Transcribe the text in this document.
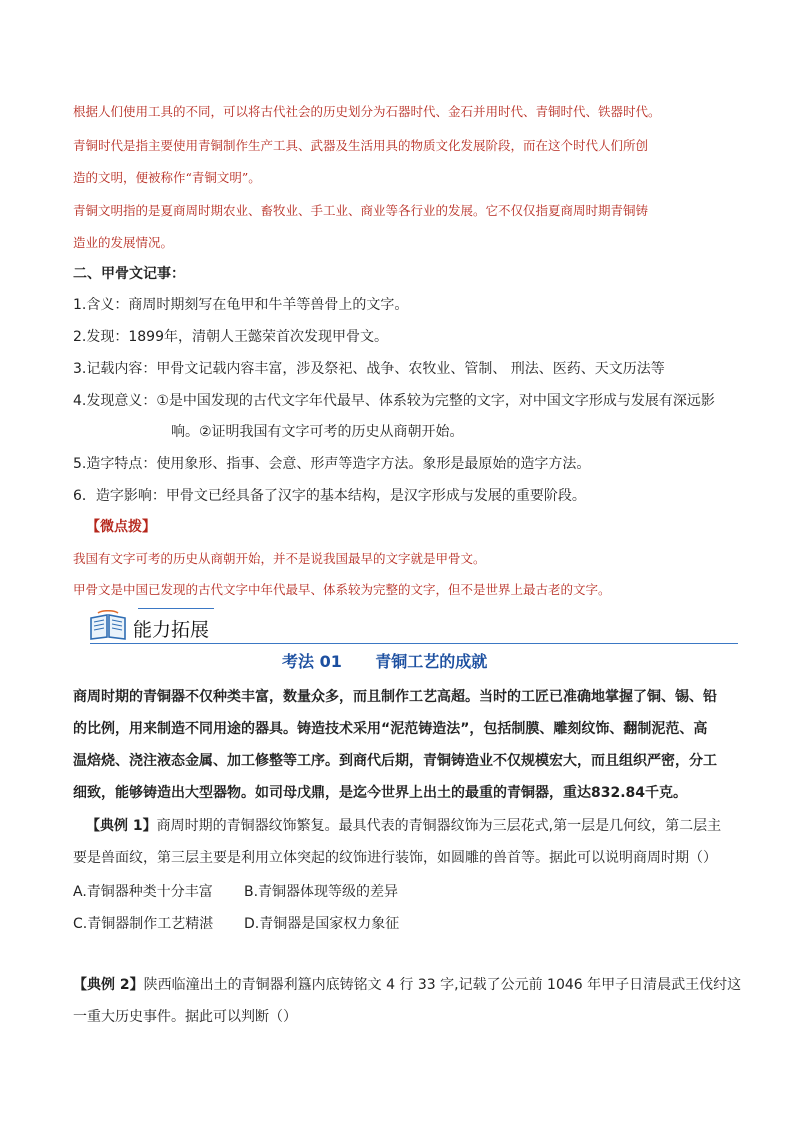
根据人们使用工具的不同，可以将古代社会的历史划分为石器时代、金石并用时代、青铜时代、铁器时代。
青铜时代是指主要使用青铜制作生产工具、武器及生活用具的物质文化发展阶段，而在这个时代人们所创
造的文明，便被称作“青铜文明”。
青铜文明指的是夏商周时期农业、畜牧业、手工业、商业等各行业的发展。它不仅仅指夏商周时期青铜铸
造业的发展情况。
二、甲骨文记事：
1.含义：商周时期刻写在龟甲和牛羊等兽骨上的文字。
2.发现：1899年，清朝人王懿荣首次发现甲骨文。
3.记载内容：甲骨文记载内容丰富，涉及祭祀、战争、农牧业、管制、 刑法、医药、天文历法等
4.发现意义：①是中国发现的古代文字年代最早、体系较为完整的文字，对中国文字形成与发展有深远影
响。②证明我国有文字可考的历史从商朝开始。
5.造字特点：使用象形、指事、会意、形声等造字方法。象形是最原始的造字方法。
6．造字影响：甲骨文已经具备了汉字的基本结构，是汉字形成与发展的重要阶段。
【微点拨】
我国有文字可考的历史从商朝开始，并不是说我国最早的文字就是甲骨文。
甲骨文是中国已发现的古代文字中年代最早、体系较为完整的文字，但不是世界上最古老的文字。
能力拓展
考法 01      青铜工艺的成就
商周时期的青铜器不仅种类丰富，数量众多，而且制作工艺高超。当时的工匠已准确地掌握了铜、锡、铅
的比例，用来制造不同用途的器具。铸造技术采用“泥范铸造法”，包括制膜、雕刻纹饰、翻制泥范、高
温焙烧、浇注液态金属、加工修整等工序。到商代后期，青铜铸造业不仅规模宏大，而且组织严密，分工
细致，能够铸造出大型器物。如司母戊鼎，是迄今世界上出土的最重的青铜器，重达832.84千克。
【典例 1】商周时期的青铜器纹饰繁复。最具代表的青铜器纹饰为三层花式,第一层是几何纹，第二层主
要是兽面纹，第三层主要是利用立体突起的纹饰进行装饰，如圆雕的兽首等。据此可以说明商周时期（）
A.青铜器种类十分丰富 B.青铜器体现等级的差异
C.青铜器制作工艺精湛 D.青铜器是国家权力象征
【典例 2】陕西临潼出土的青铜器利簋内底铸铭文 4 行 33 字,记载了公元前 1046 年甲子日清晨武王伐纣这
一重大历史事件。据此可以判断（）
